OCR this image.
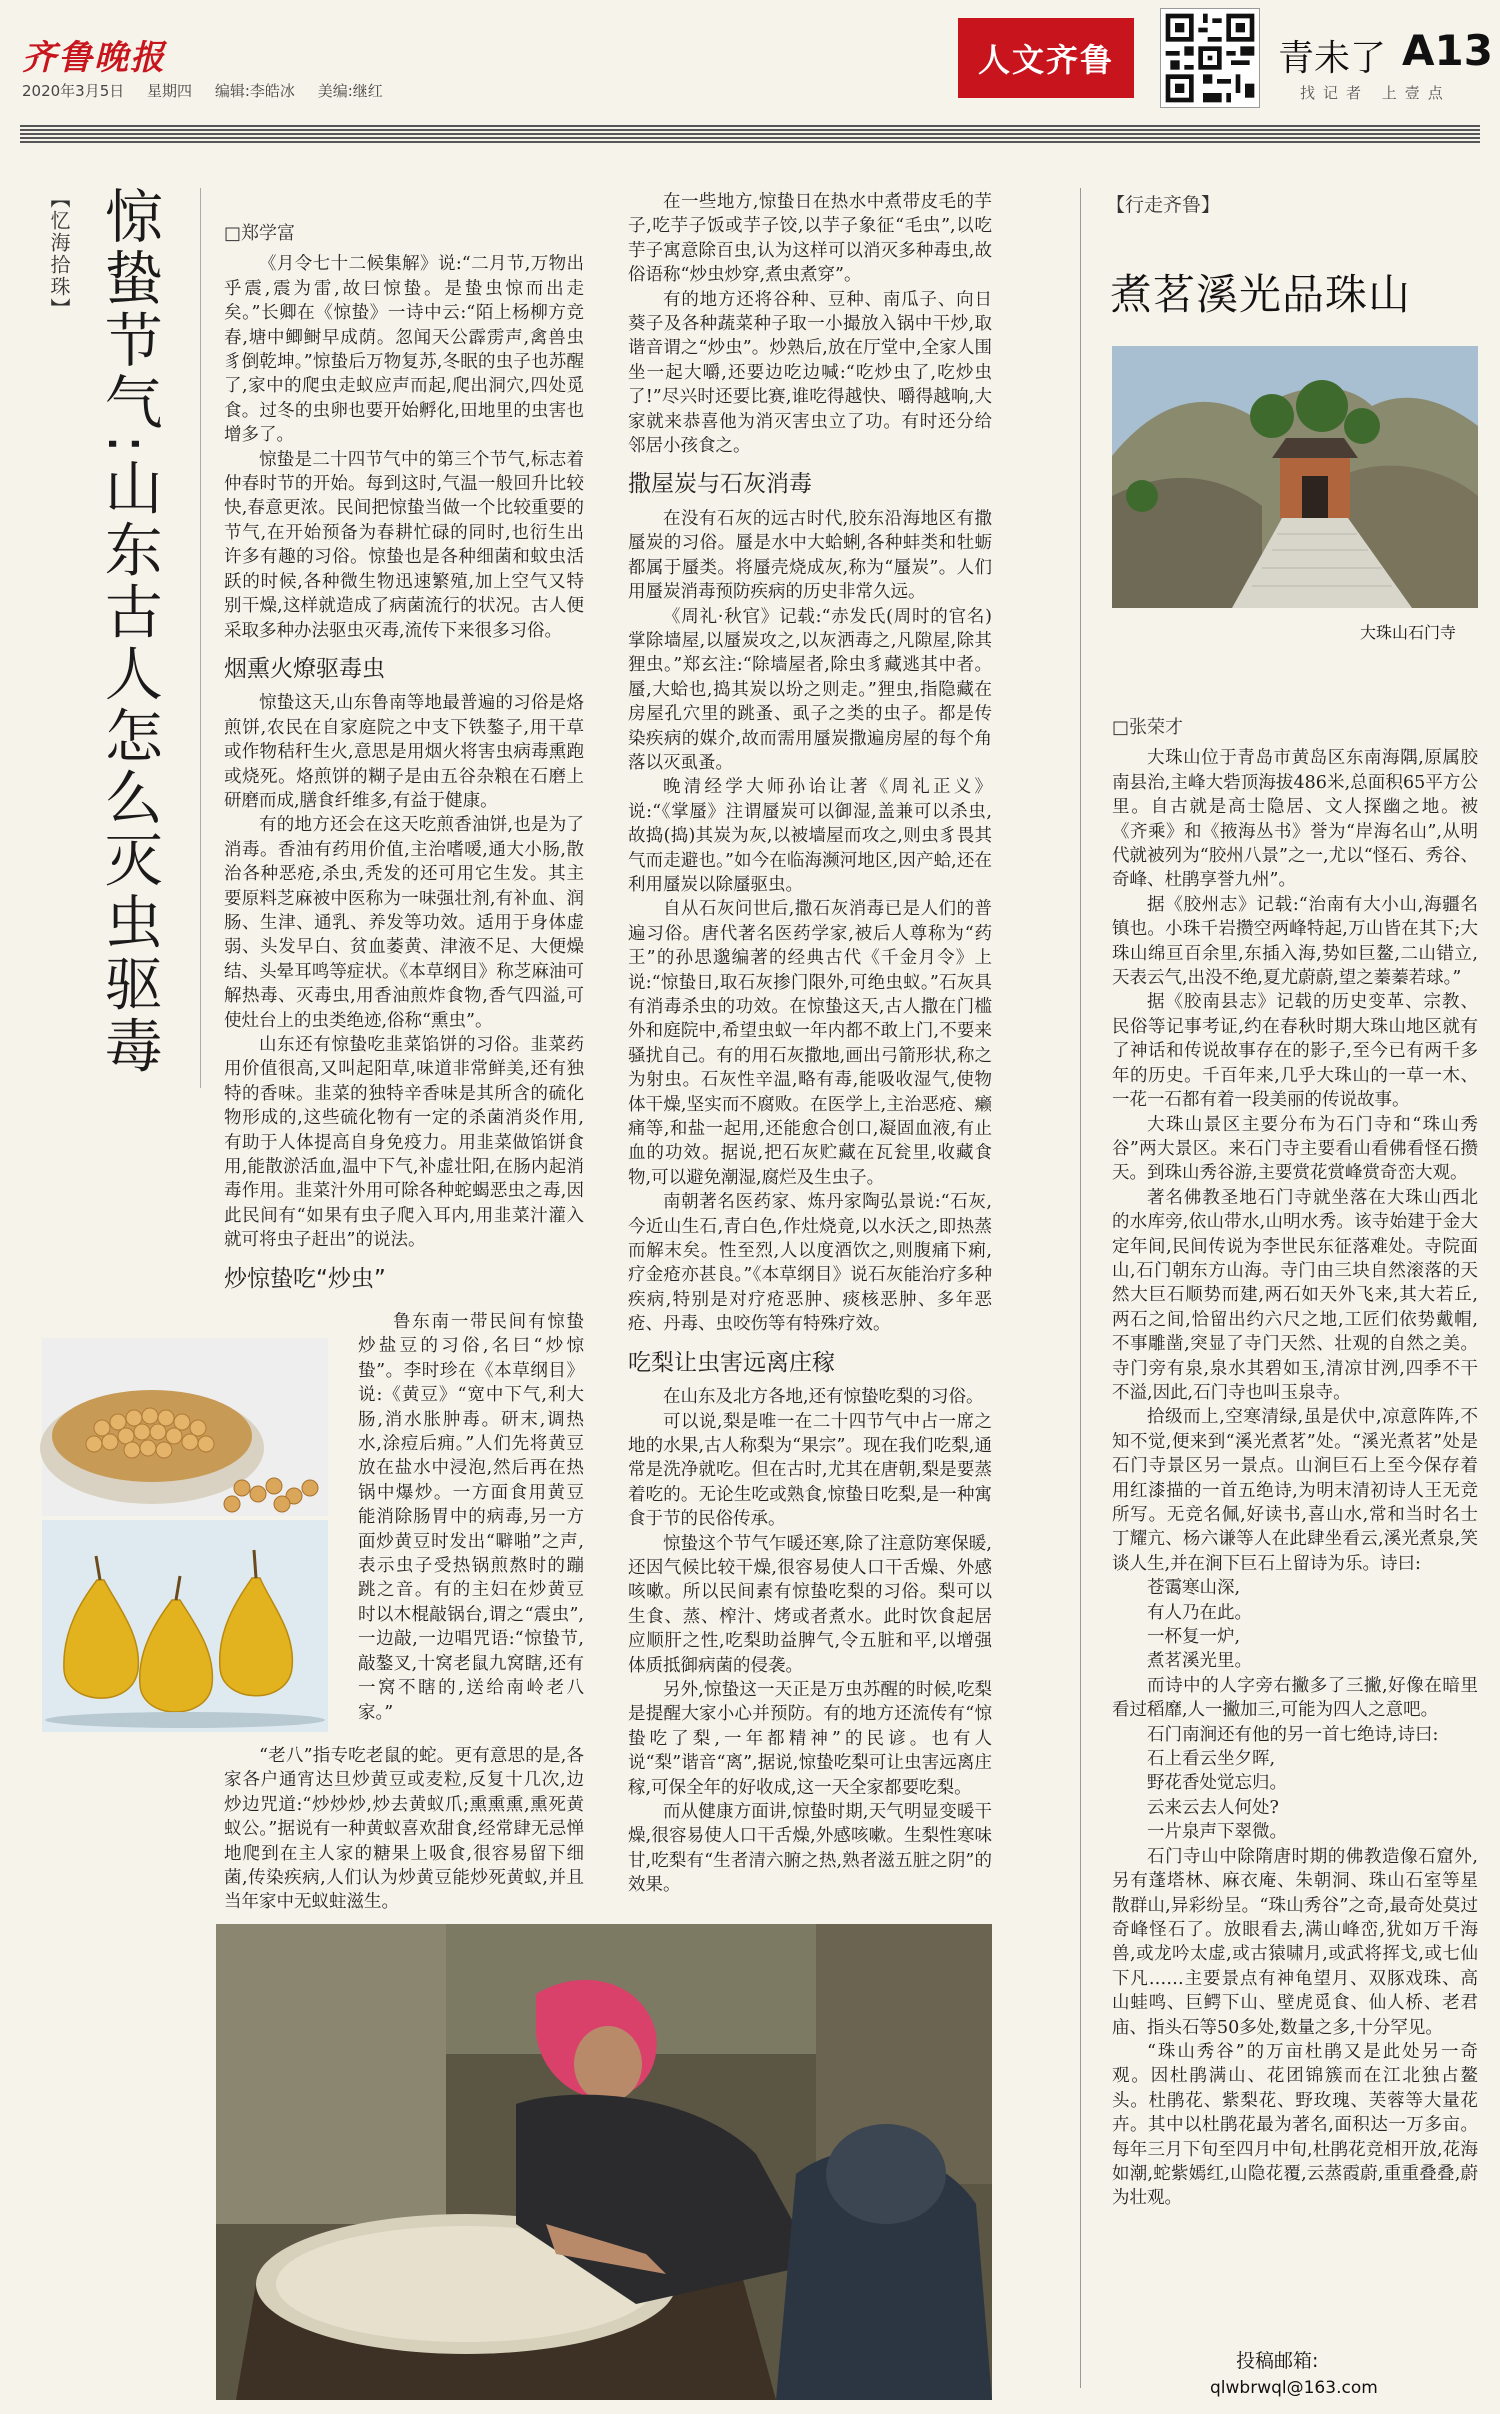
齐鲁晚报
2020年3月5日 星期四 编辑:李皓冰 美编:继红
人文齐鲁	青未了 A13
找记者 上壹点
【忆海拾珠】 惊蛰节气:山东古人怎么灭虫驱毒	□郑学富

《月令七十二候集解》说:“二月节,万物出乎震,震为雷,故曰惊蛰。是蛰虫惊而出走矣。”长卿在《惊蛰》一诗中云:“陌上杨柳方竞春,塘中鲫鲥早成荫。忽闻天公霹雳声,禽兽虫豸倒乾坤。”惊蛰后万物复苏,冬眠的虫子也苏醒了,家中的爬虫走蚁应声而起,爬出洞穴,四处觅食。过冬的虫卵也要开始孵化,田地里的虫害也增多了。

惊蛰是二十四节气中的第三个节气,标志着仲春时节的开始。每到这时,气温一般回升比较快,春意更浓。民间把惊蛰当做一个比较重要的节气,在开始预备为春耕忙碌的同时,也衍生出许多有趣的习俗。惊蛰也是各种细菌和蚊虫活跃的时候,各种微生物迅速繁殖,加上空气又特别干燥,这样就造成了病菌流行的状况。古人便采取多种办法驱虫灭毒,流传下来很多习俗。

烟熏火燎驱毒虫

惊蛰这天,山东鲁南等地最普遍的习俗是烙煎饼,农民在自家庭院之中支下铁鏊子,用干草或作物秸秆生火,意思是用烟火将害虫病毒熏跑或烧死。烙煎饼的糊子是由五谷杂粮在石磨上研磨而成,膳食纤维多,有益于健康。

有的地方还会在这天吃煎香油饼,也是为了消毒。香油有药用价值,主治嗜喛,通大小肠,散治各种恶疮,杀虫,秃发的还可用它生发。其主要原料芝麻被中医称为一味强壮剂,有补血、润肠、生津、通乳、养发等功效。适用于身体虚弱、头发早白、贫血萎黄、津液不足、大便燥结、头晕耳鸣等症状。《本草纲目》称芝麻油可解热毒、灭毒虫,用香油煎炸食物,香气四溢,可使灶台上的虫类绝迹,俗称“熏虫”。

山东还有惊蛰吃韭菜馅饼的习俗。韭菜药用价值很高,又叫起阳草,味道非常鲜美,还有独特的香味。韭菜的独特辛香味是其所含的硫化物形成的,这些硫化物有一定的杀菌消炎作用,有助于人体提高自身免疫力。用韭菜做馅饼食用,能散淤活血,温中下气,补虚壮阳,在肠内起消毒作用。韭菜汁外用可除各种蛇蝎恶虫之毒,因此民间有“如果有虫子爬入耳内,用韭菜汁灌入就可将虫子赶出”的说法。

炒惊蛰吃“炒虫”

鲁东南一带民间有惊蛰炒盐豆的习俗,名曰“炒惊蛰”。李时珍在《本草纲目》说:《黄豆》“宽中下气,利大肠,消水胀肿毒。研末,调热水,涂痘后痈。”人们先将黄豆放在盐水中浸泡,然后再在热锅中爆炒。一方面食用黄豆能消除肠胃中的病毒,另一方面炒黄豆时发出“噼啪”之声,表示虫子受热锅煎熬时的蹦跳之音。有的主妇在炒黄豆时以木棍敲锅台,谓之“震虫”,一边敲,一边唱咒语:“惊蛰节,敲鏊叉,十窝老鼠九窝瞎,还有一窝不瞎的,送给南岭老八家。”

“老八”指专吃老鼠的蛇。更有意思的是,各家各户通宵达旦炒黄豆或麦粒,反复十几次,边炒边咒道:“炒炒炒,炒去黄蚁爪;熏熏熏,熏死黄蚁公。”据说有一种黄蚁喜欢甜食,经常肆无忌惮地爬到在主人家的糖果上吸食,很容易留下细菌,传染疾病,人们认为炒黄豆能炒死黄蚁,并且当年家中无蚁蛀滋生。

在一些地方,惊蛰日在热水中煮带皮毛的芋子,吃芋子饭或芋子饺,以芋子象征“毛虫”,以吃芋子寓意除百虫,认为这样可以消灭多种毒虫,故俗语称“炒虫炒穿,煮虫煮穿”。

有的地方还将谷种、豆种、南瓜子、向日葵子及各种蔬菜种子取一小撮放入锅中干炒,取谐音谓之“炒虫”。炒熟后,放在厅堂中,全家人围坐一起大嚼,还要边吃边喊:“吃炒虫了,吃炒虫了!”尽兴时还要比赛,谁吃得越快、嚼得越响,大家就来恭喜他为消灭害虫立了功。有时还分给邻居小孩食之。

撒屋炭与石灰消毒

在没有石灰的远古时代,胶东沿海地区有撒蜃炭的习俗。蜃是水中大蛤蜊,各种蚌类和牡蛎都属于蜃类。将蜃壳烧成灰,称为“蜃炭”。人们用蜃炭消毒预防疾病的历史非常久远。

《周礼·秋官》记载:“赤发氏(周时的官名)掌除墙屋,以蜃炭攻之,以灰洒毒之,凡隙屋,除其狸虫。”郑玄注:“除墙屋者,除虫豸藏逃其中者。蜃,大蛤也,捣其炭以坋之则走。”狸虫,指隐藏在房屋孔穴里的跳蚤、虱子之类的虫子。都是传染疾病的媒介,故而需用蜃炭撒遍房屋的每个角落以灭虱蚤。

晚清经学大师孙诒让著《周礼正义》说:“《掌蜃》注谓蜃炭可以御湿,盖兼可以杀虫,故捣(捣)其炭为灰,以被墙屋而攻之,则虫豸畏其气而走避也。”如今在临海濒河地区,因产蛤,还在利用蜃炭以除蜃驱虫。

自从石灰问世后,撒石灰消毒已是人们的普遍习俗。唐代著名医药学家,被后人尊称为“药王”的孙思邈编著的经典古代《千金月令》上说:“惊蛰日,取石灰掺门限外,可绝虫蚁。”石灰具有消毒杀虫的功效。在惊蛰这天,古人撒在门槛外和庭院中,希望虫蚁一年内都不敢上门,不要来骚扰自己。有的用石灰撒地,画出弓箭形状,称之为射虫。石灰性辛温,略有毒,能吸收湿气,使物体干燥,坚实而不腐败。在医学上,主治恶疮、癞痛等,和盐一起用,还能愈合创口,凝固血液,有止血的功效。据说,把石灰贮藏在瓦瓮里,收藏食物,可以避免潮湿,腐烂及生虫子。

南朝著名医药家、炼丹家陶弘景说:“石灰,今近山生石,青白色,作灶烧竟,以水沃之,即热蒸而解末矣。性至烈,人以度酒饮之,则腹痛下痢,疗金疮亦甚良。”《本草纲目》说石灰能治疗多种疾病,特别是对疗疮恶肿、痰核恶肿、多年恶疮、丹毒、虫咬伤等有特殊疗效。

吃梨让虫害远离庄稼

在山东及北方各地,还有惊蛰吃梨的习俗。

可以说,梨是唯一在二十四节气中占一席之地的水果,古人称梨为“果宗”。现在我们吃梨,通常是洗净就吃。但在古时,尤其在唐朝,梨是要蒸着吃的。无论生吃或熟食,惊蛰日吃梨,是一种寓食于节的民俗传承。

惊蛰这个节气乍暖还寒,除了注意防寒保暖,还因气候比较干燥,很容易使人口干舌燥、外感咳嗽。所以民间素有惊蛰吃梨的习俗。梨可以生食、蒸、榨汁、烤或者煮水。此时饮食起居应顺肝之性,吃梨助益脾气,令五脏和平,以增强体质抵御病菌的侵袭。

另外,惊蛰这一天正是万虫苏醒的时候,吃梨是提醒大家小心并预防。有的地方还流传有“惊蛰吃了梨,一年都精神”的民谚。也有人说“梨”谐音“离”,据说,惊蛰吃梨可让虫害远离庄稼,可保全年的好收成,这一天全家都要吃梨。

而从健康方面讲,惊蛰时期,天气明显变暖干燥,很容易使人口干舌燥,外感咳嗽。生梨性寒味甘,吃梨有“生者清六腑之热,熟者滋五脏之阴”的效果。

【行走齐鲁】
煮茗溪光品珠山
大珠山石门寺
□张荣才

大珠山位于青岛市黄岛区东南海隅,原属胶南县治,主峰大砦顶海拔486米,总面积65平方公里。自古就是高士隐居、文人探幽之地。被《齐乘》和《掖海丛书》誉为“岸海名山”,从明代就被列为“胶州八景”之一,尤以“怪石、秀谷、奇峰、杜鹃享誉九州”。

据《胶州志》记载:“治南有大小山,海疆名镇也。小珠千岩攒空两峰特起,万山皆在其下;大珠山绵亘百余里,东插入海,势如巨鳌,二山错立,天表云气,出没不绝,夏尤蔚蔚,望之蓁蓁若球。”

据《胶南县志》记载的历史变革、宗教、民俗等记事考证,约在春秋时期大珠山地区就有了神话和传说故事存在的影子,至今已有两千多年的历史。千百年来,几乎大珠山的一草一木、一花一石都有着一段美丽的传说故事。

大珠山景区主要分布为石门寺和“珠山秀谷”两大景区。来石门寺主要看山看佛看怪石攒天。到珠山秀谷游,主要赏花赏峰赏奇峦大观。

著名佛教圣地石门寺就坐落在大珠山西北的水库旁,依山带水,山明水秀。该寺始建于金大定年间,民间传说为李世民东征落难处。寺院面山,石门朝东方山海。寺门由三块自然滚落的天然大巨石顺势而建,两石如天外飞来,其大若丘,两石之间,恰留出约六尺之地,工匠们依势戴帽,不事雕凿,突显了寺门天然、壮观的自然之美。寺门旁有泉,泉水其碧如玉,清凉甘洌,四季不干不溢,因此,石门寺也叫玉泉寺。

拾级而上,空寒清绿,虽是伏中,凉意阵阵,不知不觉,便来到“溪光煮茗”处。“溪光煮茗”处是石门寺景区另一景点。山涧巨石上至今保存着用红漆描的一首五绝诗,为明末清初诗人王无竞所写。无竞名佩,好读书,喜山水,常和当时名士丁耀亢、杨六谦等人在此肆坐看云,溪光煮泉,笑谈人生,并在涧下巨石上留诗为乐。诗曰:

苍霭寒山深,
有人乃在此。
一杯复一炉,
煮茗溪光里。

而诗中的人字旁右撇多了三撇,好像在暗里看过稻靡,人一撇加三,可能为四人之意吧。

石门南涧还有他的另一首七绝诗,诗曰:

石上看云坐夕晖,
野花香处觉忘归。
云来云去人何处?
一片泉声下翠微。

石门寺山中除隋唐时期的佛教造像石窟外,另有蓬塔林、麻衣庵、朱朝洞、珠山石室等星散群山,异彩纷呈。“珠山秀谷”之奇,最奇处莫过奇峰怪石了。放眼看去,满山峰峦,犹如万千海兽,或龙吟太虚,或古猿啸月,或武将挥戈,或七仙下凡……主要景点有神龟望月、双豚戏珠、高山蛙鸣、巨鳄下山、壁虎觅食、仙人桥、老君庙、指头石等50多处,数量之多,十分罕见。

“珠山秀谷”的万亩杜鹃又是此处另一奇观。因杜鹃满山、花团锦簇而在江北独占鳌头。杜鹃花、紫梨花、野玫瑰、芙蓉等大量花卉。其中以杜鹃花最为著名,面积达一万多亩。每年三月下旬至四月中旬,杜鹃花竞相开放,花海如潮,蛇紫嫣红,山隐花覆,云蒸霞蔚,重重叠叠,蔚为壮观。

投稿邮箱:
qlwbrwql@163.com
